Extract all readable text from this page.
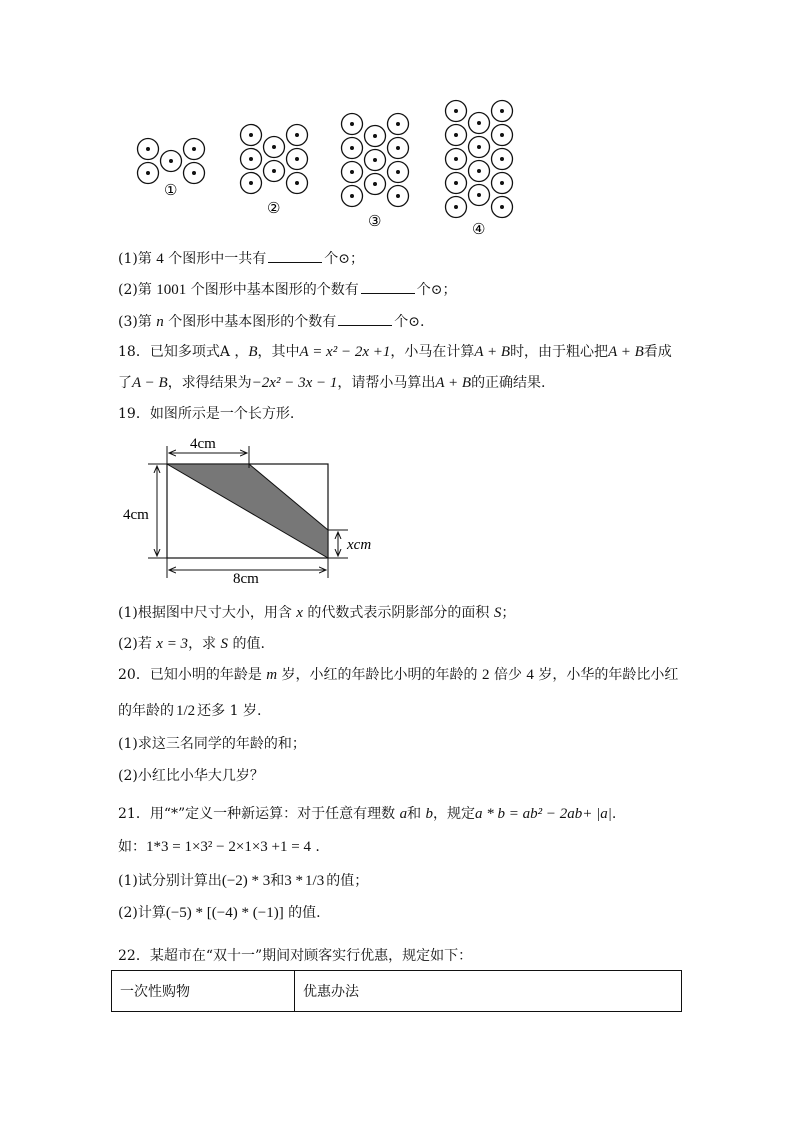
①
②
③	④
(1)第 4 个图形中一共有	个⊙；
(2)第 1001 个图形中基本图形的个数有	个⊙；
(3)第 n 个图形中基本图形的个数有	个⊙.
18．已知多项式A ，B，其中A = x² − 2x +1，小马在计算A + B时，由于粗心把A + B看成
了A − B，求得结果为−2x² − 3x − 1，请帮小马算出A + B的正确结果.
19．如图所示是一个长方形.
(1)根据图中尺寸大小，用含 x 的代数式表示阴影部分的面积 S；
(2)若 x = 3，求 S 的值.
20．已知小明的年龄是 m 岁，小红的年龄比小明的年龄的 2 倍少 4 岁，小华的年龄比小红
的年龄的 1/2 还多 1 岁.
(1)求这三名同学的年龄的和；
(2)小红比小华大几岁？
21．用“*”定义一种新运算：对于任意有理数 a和 b，规定a * b = ab² − 2ab+ |a|.
如：1*3 = 1×3² − 2×1×3 +1 = 4 .
(1)试分别计算出(−2) * 3和3 * 1/3 的值；
(2)计算(−5) * [(−4) * (−1)] 的值.
22．某超市在“双十一”期间对顾客实行优惠，规定如下：
4cm
4cm
8cm
xcm
一次性购物	优惠办法
